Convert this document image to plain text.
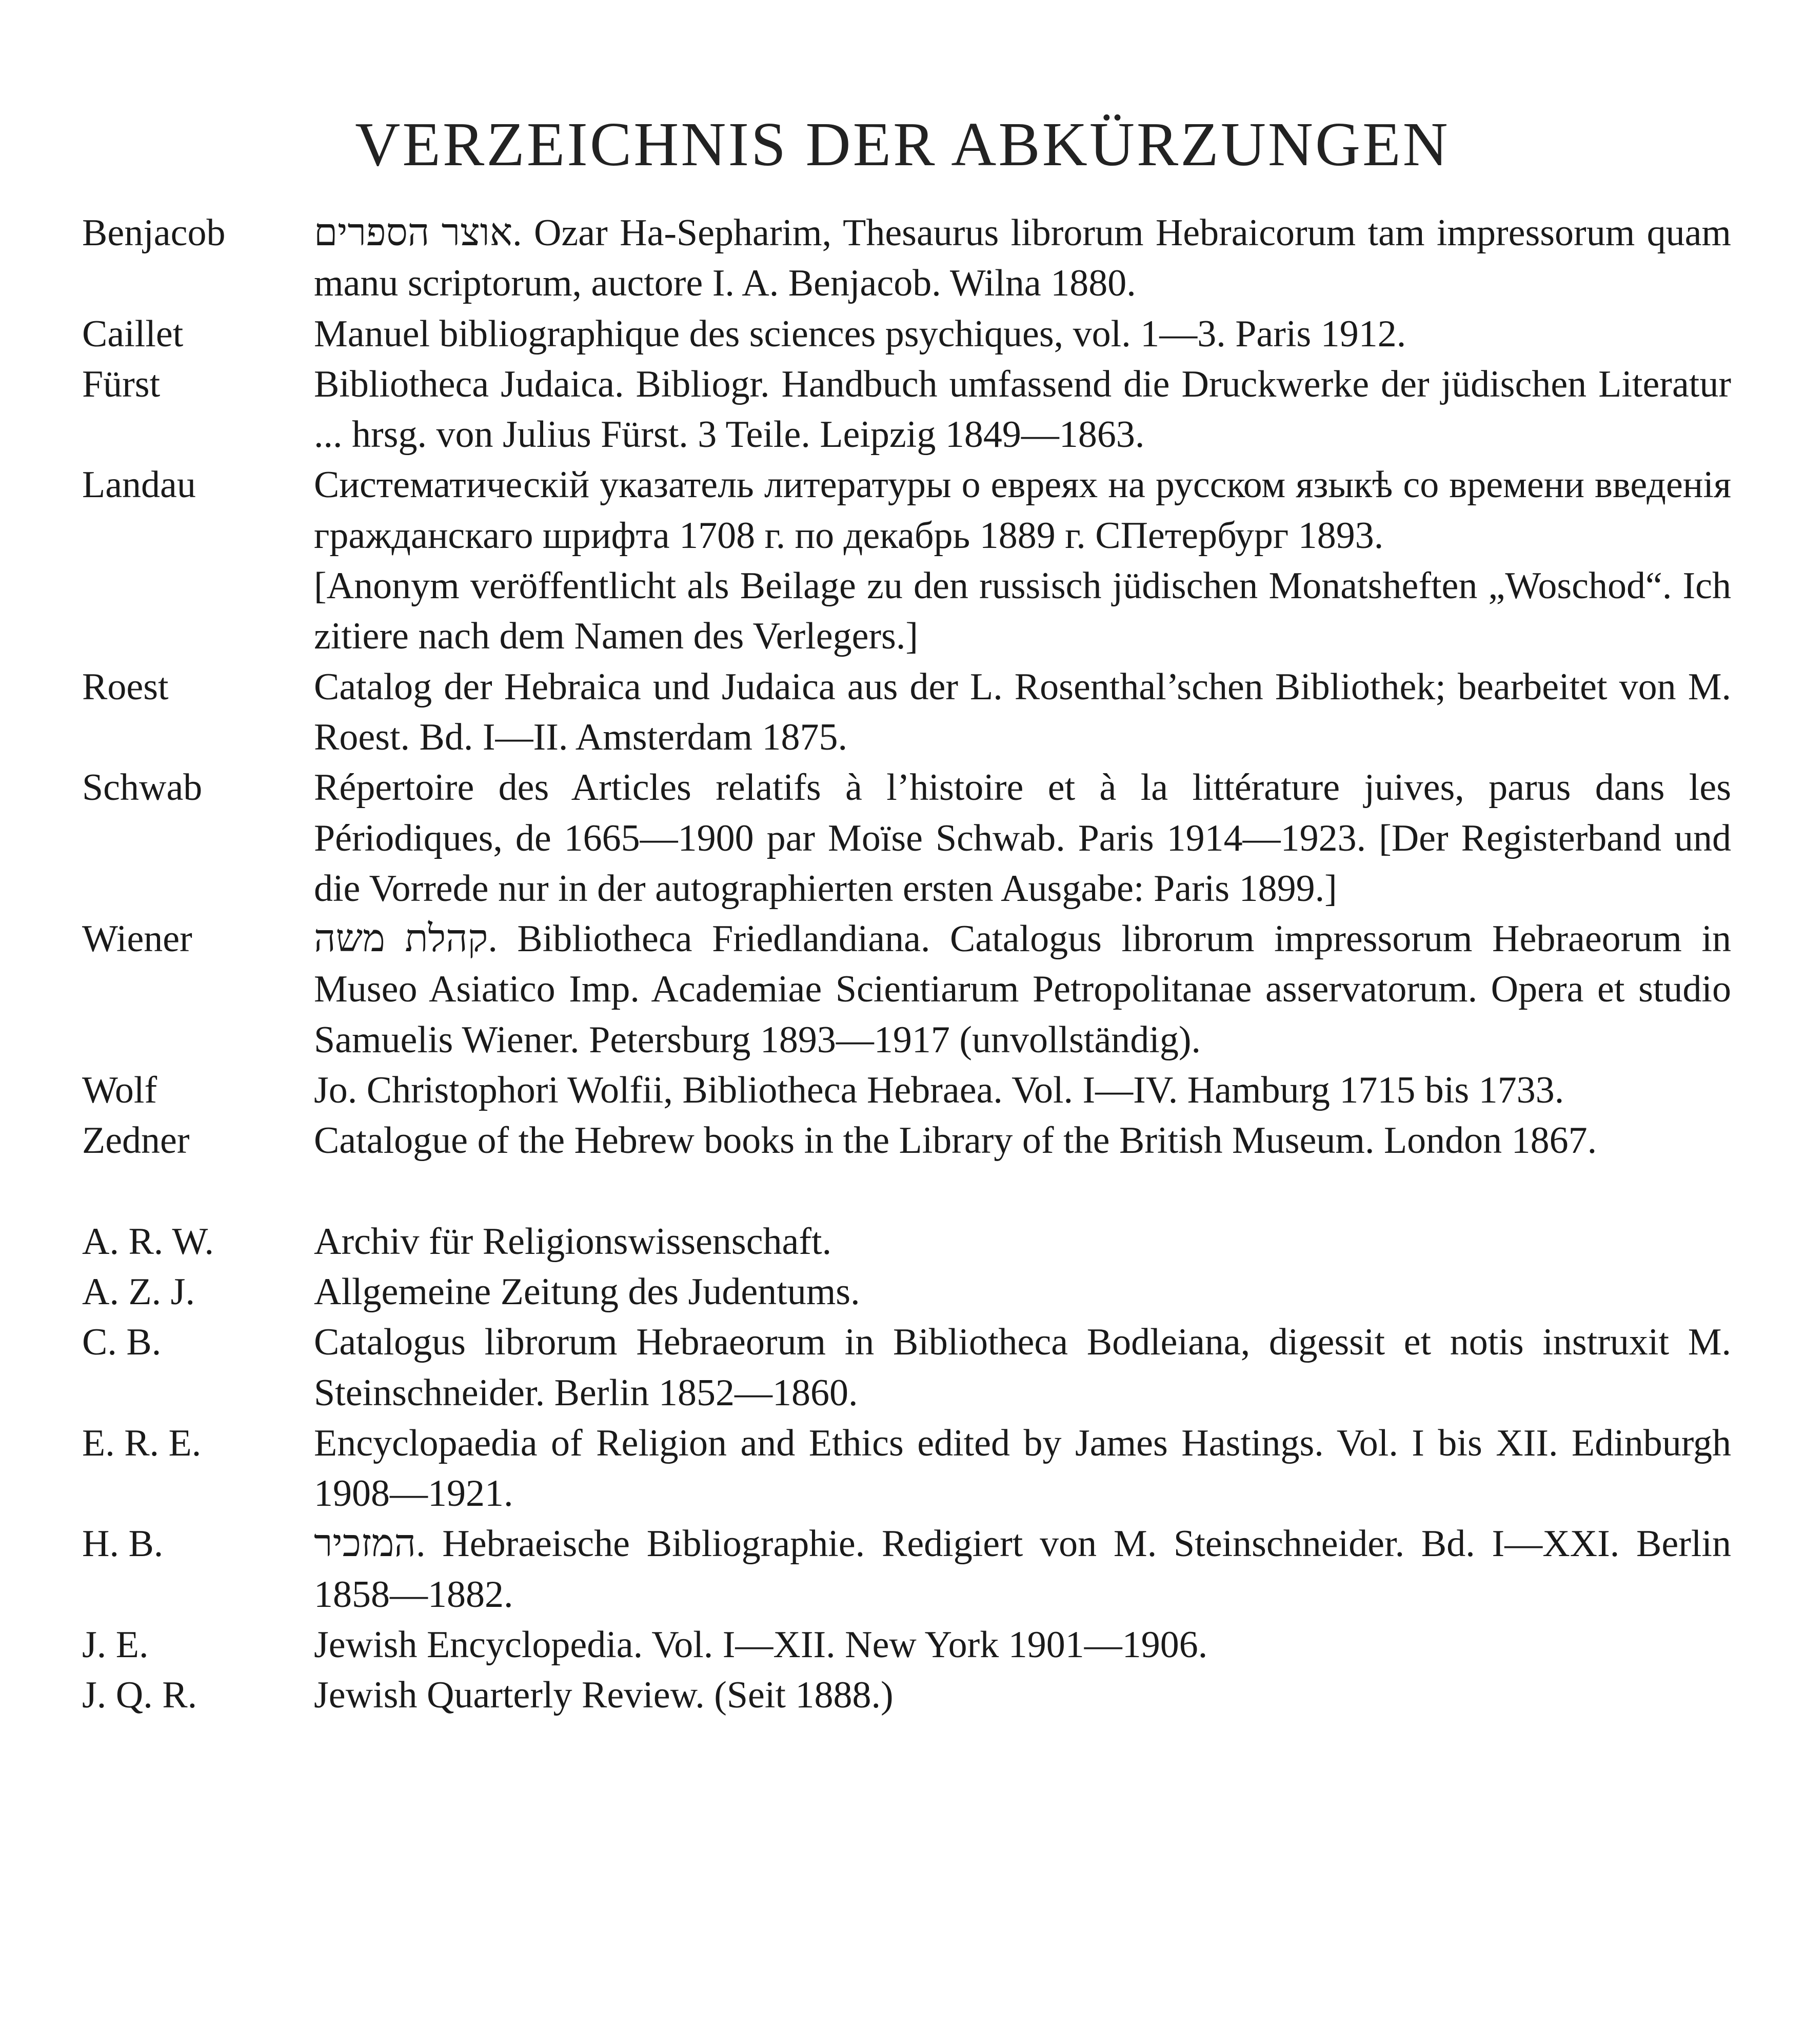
VERZEICHNIS DER ABKÜRZUNGEN
Benjacob	אוצר הספרים. Ozar Ha-Sepharim, Thesaurus librorum Hebraicorum tam impressorum quam manu scriptorum, auctore I. A. Benjacob. Wilna 1880.
Caillet	Manuel bibliographique des sciences psychiques, vol. 1—3. Paris 1912.
Fürst	Bibliotheca Judaica. Bibliogr. Handbuch umfassend die Druckwerke der jüdischen Literatur ... hrsg. von Julius Fürst. 3 Teile. Leipzig 1849—1863.
Landau	Систематическій указатель литературы о евреях на русском языкѣ со времени введенія гражданскаго шрифта 1708 г. по декабрь 1889 г. СПетербург 1893.
[Anonym veröffentlicht als Beilage zu den russisch jüdischen Monatsheften „Woschod“. Ich zitiere nach dem Namen des Verlegers.]
Roest	Catalog der Hebraica und Judaica aus der L. Rosenthal’schen Bibliothek; bearbeitet von M. Roest. Bd. I—II. Amsterdam 1875.
Schwab	Répertoire des Articles relatifs à l’histoire et à la littérature juives, parus dans les Périodiques, de 1665—1900 par Moïse Schwab. Paris 1914—1923. [Der Registerband und die Vorrede nur in der autographierten ersten Ausgabe: Paris 1899.]
Wiener	קהלת משה. Bibliotheca Friedlandiana. Catalogus librorum impressorum Hebraeorum in Museo Asiatico Imp. Academiae Scientiarum Petropolitanae asservatorum. Opera et studio Samuelis Wiener. Petersburg 1893—1917 (unvollständig).
Wolf	Jo. Christophori Wolfii, Bibliotheca Hebraea. Vol. I—IV. Hamburg 1715 bis 1733.
Zedner	Catalogue of the Hebrew books in the Library of the British Museum. London 1867.
A. R. W.	Archiv für Religionswissenschaft.
A. Z. J.	Allgemeine Zeitung des Judentums.
C. B.	Catalogus librorum Hebraeorum in Bibliotheca Bodleiana, digessit et notis instruxit M. Steinschneider. Berlin 1852—1860.
E. R. E.	Encyclopaedia of Religion and Ethics edited by James Hastings. Vol. I bis XII. Edinburgh 1908—1921.
H. B.	המזכיר. Hebraeische Bibliographie. Redigiert von M. Steinschneider. Bd. I—XXI. Berlin 1858—1882.
J. E.	Jewish Encyclopedia. Vol. I—XII. New York 1901—1906.
J. Q. R.	Jewish Quarterly Review. (Seit 1888.)
